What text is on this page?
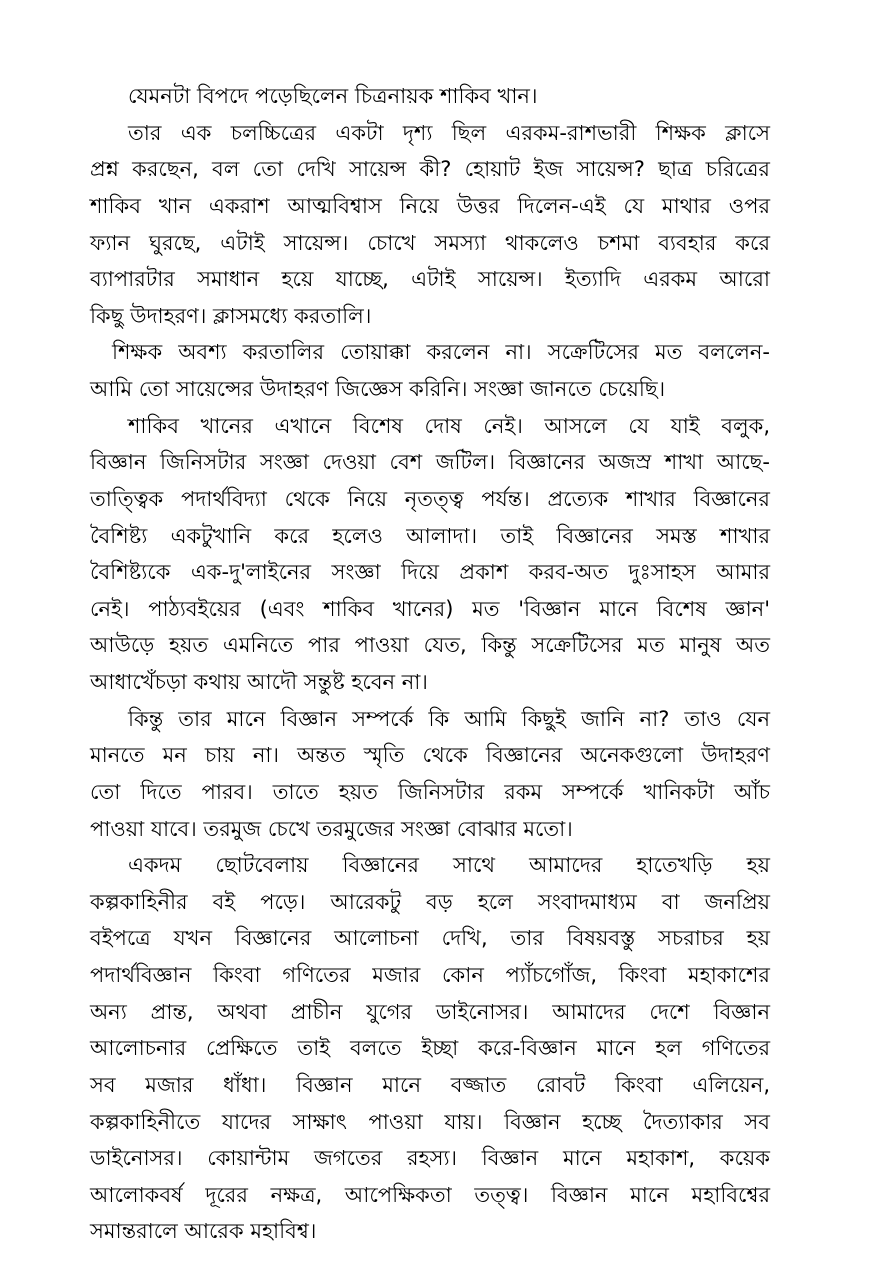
যেমনটা বিপদে পড়েছিলেন চিত্রনায়ক শাকিব খান।
তার এক চলচ্চিত্রের একটা দৃশ্য ছিল এরকম-রাশভারী শিক্ষক ক্লাসে
প্রশ্ন করছেন, বল তো দেখি সায়েন্স কী? হোয়াট ইজ সায়েন্স? ছাত্র চরিত্রের
শাকিব খান একরাশ আত্মবিশ্বাস নিয়ে উত্তর দিলেন-এই যে মাথার ওপর
ফ্যান ঘুরছে, এটাই সায়েন্স। চোখে সমস্যা থাকলেও চশমা ব্যবহার করে
ব্যাপারটার সমাধান হয়ে যাচ্ছে, এটাই সায়েন্স। ইত্যাদি এরকম আরো
কিছু উদাহরণ। ক্লাসমধ্যে করতালি।
শিক্ষক অবশ্য করতালির তোয়াক্কা করলেন না। সক্রেটিসের মত বললেন-
আমি তো সায়েন্সের উদাহরণ জিজ্ঞেস করিনি। সংজ্ঞা জানতে চেয়েছি।
শাকিব খানের এখানে বিশেষ দোষ নেই। আসলে যে যাই বলুক,
বিজ্ঞান জিনিসটার সংজ্ঞা দেওয়া বেশ জটিল। বিজ্ঞানের অজস্র শাখা আছে-
তাত্ত্বিক পদার্থবিদ্যা থেকে নিয়ে নৃতত্ত্ব পর্যন্ত। প্রত্যেক শাখার বিজ্ঞানের
বৈশিষ্ট্য একটুখানি করে হলেও আলাদা। তাই বিজ্ঞানের সমস্ত শাখার
বৈশিষ্ট্যকে এক-দু'লাইনের সংজ্ঞা দিয়ে প্রকাশ করব-অত দুঃসাহস আমার
নেই। পাঠ্যবইয়ের (এবং শাকিব খানের) মত 'বিজ্ঞান মানে বিশেষ জ্ঞান'
আউড়ে হয়ত এমনিতে পার পাওয়া যেত, কিন্তু সক্রেটিসের মত মানুষ অত
আধাখেঁচড়া কথায় আদৌ সন্তুষ্ট হবেন না।
কিন্তু তার মানে বিজ্ঞান সম্পর্কে কি আমি কিছুই জানি না? তাও যেন
মানতে মন চায় না। অন্তত স্মৃতি থেকে বিজ্ঞানের অনেকগুলো উদাহরণ
তো দিতে পারব। তাতে হয়ত জিনিসটার রকম সম্পর্কে খানিকটা আঁচ
পাওয়া যাবে। তরমুজ চেখে তরমুজের সংজ্ঞা বোঝার মতো।
একদম ছোটবেলায় বিজ্ঞানের সাথে আমাদের হাতেখড়ি হয়
কল্পকাহিনীর বই পড়ে। আরেকটু বড় হলে সংবাদমাধ্যম বা জনপ্রিয়
বইপত্রে যখন বিজ্ঞানের আলোচনা দেখি, তার বিষয়বস্তু সচরাচর হয়
পদার্থবিজ্ঞান কিংবা গণিতের মজার কোন প্যাঁচগোঁজ, কিংবা মহাকাশের
অন্য প্রান্ত, অথবা প্রাচীন যুগের ডাইনোসর। আমাদের দেশে বিজ্ঞান
আলোচনার প্রেক্ষিতে তাই বলতে ইচ্ছা করে-বিজ্ঞান মানে হল গণিতের
সব মজার ধাঁধা। বিজ্ঞান মানে বজ্জাত রোবট কিংবা এলিয়েন,
কল্পকাহিনীতে যাদের সাক্ষাৎ পাওয়া যায়। বিজ্ঞান হচ্ছে দৈত্যাকার সব
ডাইনোসর। কোয়ান্টাম জগতের রহস্য। বিজ্ঞান মানে মহাকাশ, কয়েক
আলোকবর্ষ দূরের নক্ষত্র, আপেক্ষিকতা তত্ত্ব। বিজ্ঞান মানে মহাবিশ্বের
সমান্তরালে আরেক মহাবিশ্ব।
